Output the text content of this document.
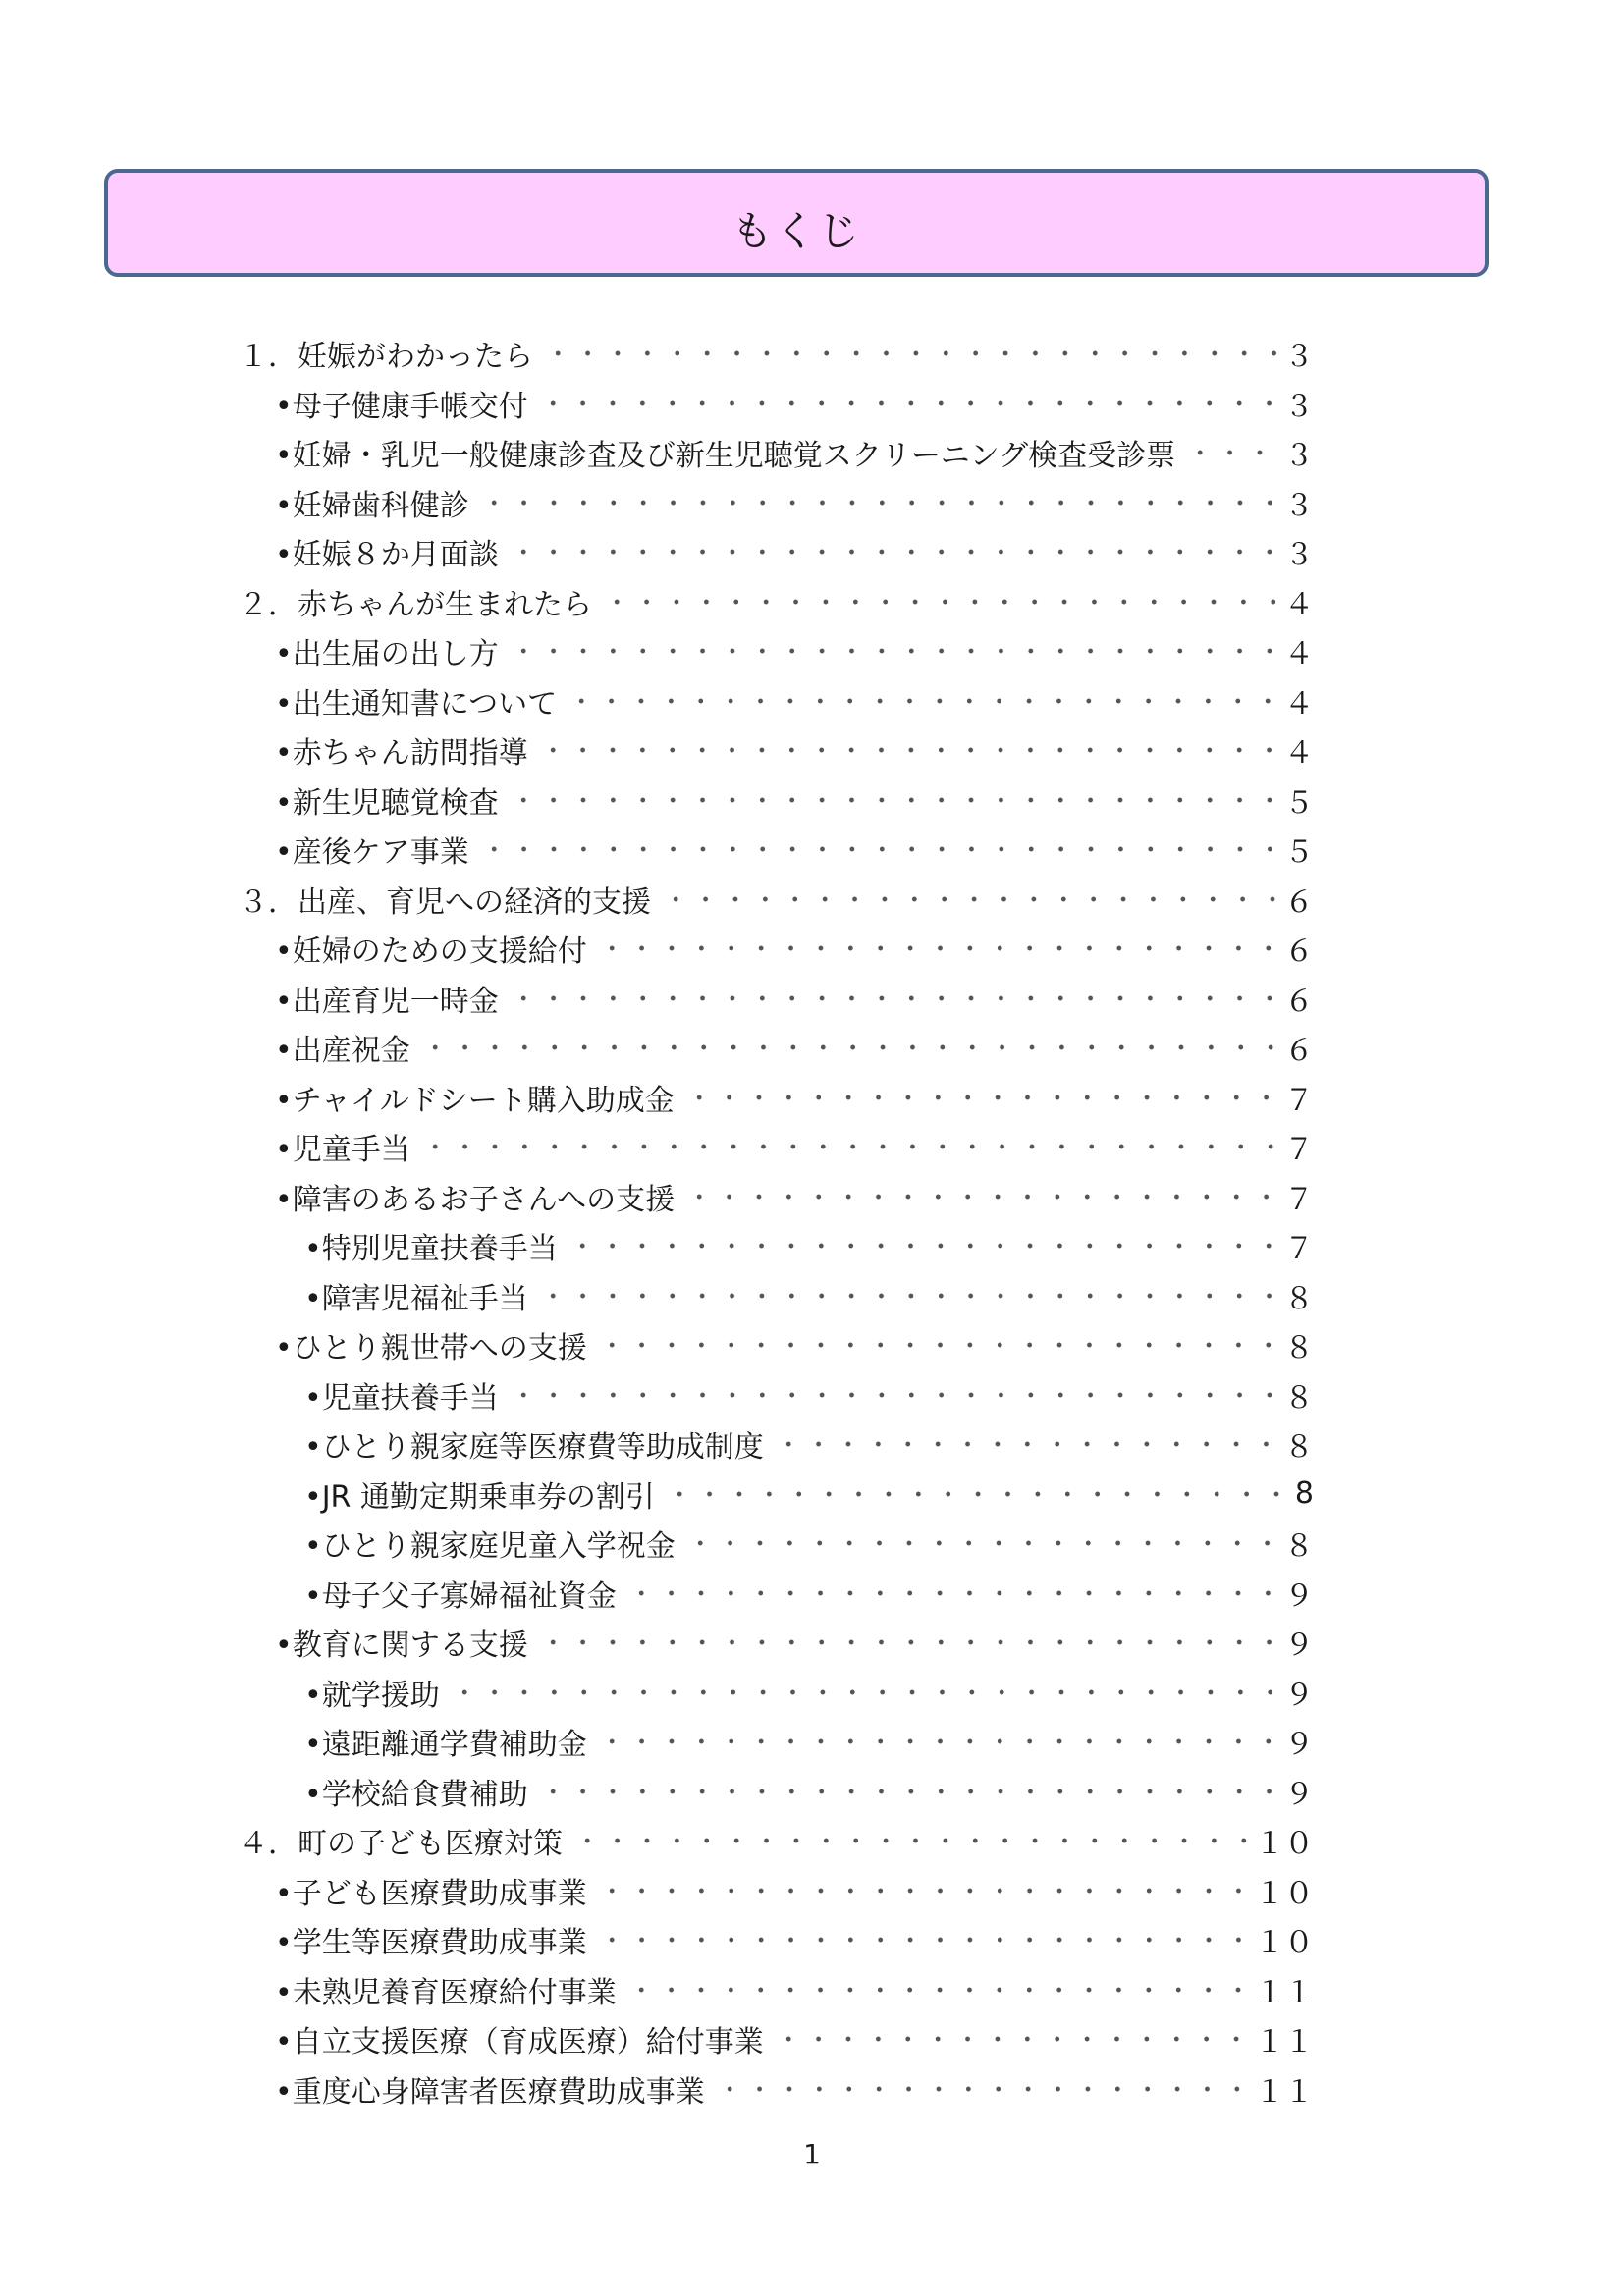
もくじ
１．妊娠がわかったら	３
•母子健康手帳交付	３
•妊婦・乳児一般健康診査及び新生児聴覚スクリーニング検査受診票	３
•妊婦歯科健診	３
•妊娠８か月面談	３
２．赤ちゃんが生まれたら	４
•出生届の出し方	４
•出生通知書について	４
•赤ちゃん訪問指導	４
•新生児聴覚検査	５
•産後ケア事業	５
３．出産、育児への経済的支援	６
•妊婦のための支援給付	６
•出産育児一時金	６
•出産祝金	６
•チャイルドシート購入助成金	７
•児童手当	７
•障害のあるお子さんへの支援	７
•特別児童扶養手当	７
•障害児福祉手当	８
•ひとり親世帯への支援	８
•児童扶養手当	８
•ひとり親家庭等医療費等助成制度	８
•JR 通勤定期乗車券の割引	8
•ひとり親家庭児童入学祝金	８
•母子父子寡婦福祉資金	９
•教育に関する支援	９
•就学援助	９
•遠距離通学費補助金	９
•学校給食費補助	９
４．町の子ども医療対策	１０
•子ども医療費助成事業	１０
•学生等医療費助成事業	１０
•未熟児養育医療給付事業	１１
•自立支援医療（育成医療）給付事業	１１
•重度心身障害者医療費助成事業	１１
1
